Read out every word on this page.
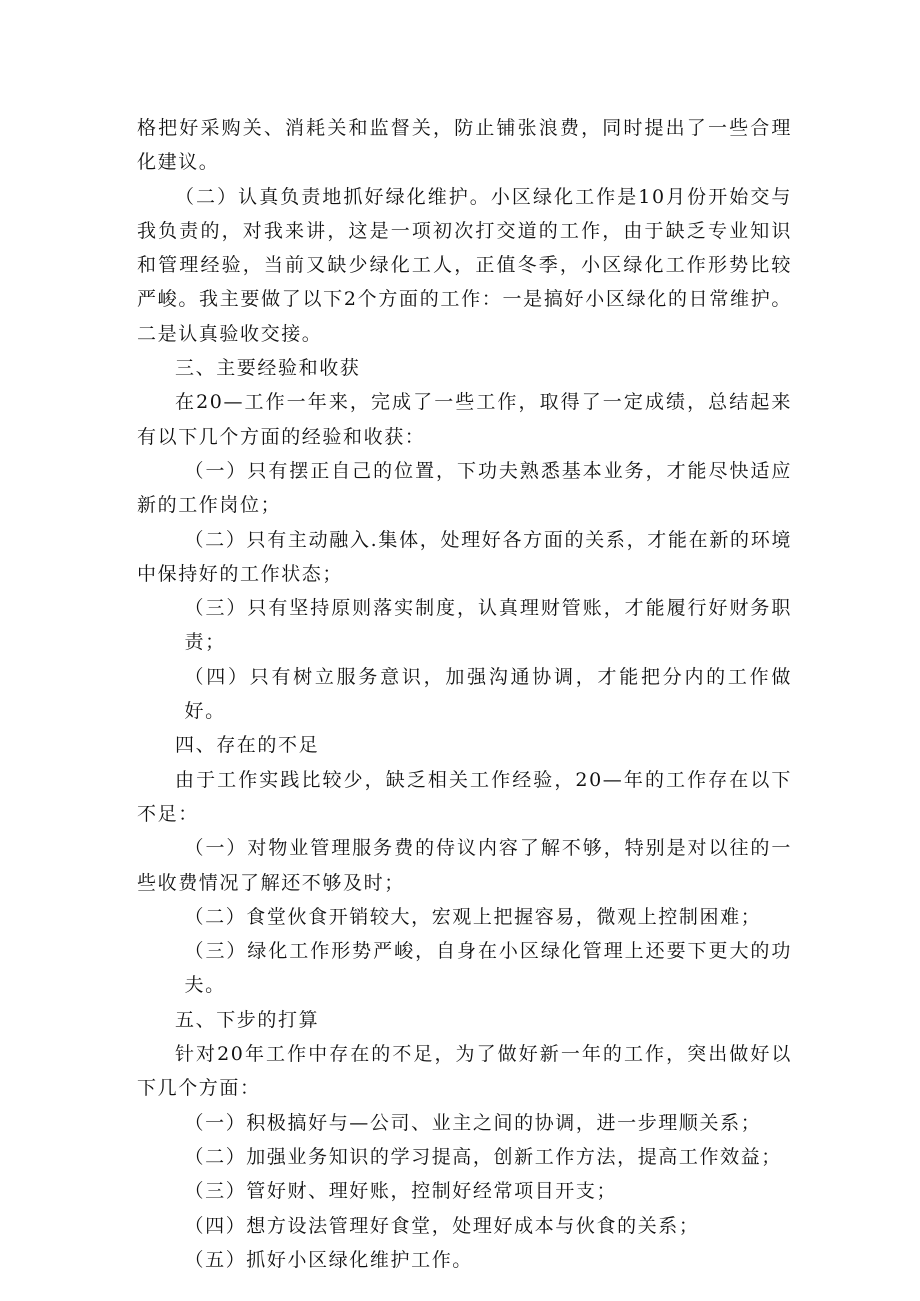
格把好采购关、消耗关和监督关，防止铺张浪费，同时提出了一些合理化建议。

（二）认真负责地抓好绿化维护。小区绿化工作是10月份开始交与我负责的，对我来讲，这是一项初次打交道的工作，由于缺乏专业知识和管理经验，当前又缺少绿化工人，正值冬季，小区绿化工作形势比较严峻。我主要做了以下2个方面的工作：一是搞好小区绿化的日常维护。二是认真验收交接。

三、主要经验和收获

在20—工作一年来，完成了一些工作，取得了一定成绩，总结起来有以下几个方面的经验和收获：

（一）只有摆正自己的位置，下功夫熟悉基本业务，才能尽快适应新的工作岗位；

（二）只有主动融入.集体，处理好各方面的关系，才能在新的环境中保持好的工作状态；

（三）只有坚持原则落实制度，认真理财管账，才能履行好财务职责；

（四）只有树立服务意识，加强沟通协调，才能把分内的工作做好。

四、存在的不足

由于工作实践比较少，缺乏相关工作经验，20—年的工作存在以下不足：

（一）对物业管理服务费的侍议内容了解不够，特别是对以往的一些收费情况了解还不够及时；

（二）食堂伙食开销较大，宏观上把握容易，微观上控制困难；

（三）绿化工作形势严峻，自身在小区绿化管理上还要下更大的功夫。

五、下步的打算

针对20年工作中存在的不足，为了做好新一年的工作，突出做好以下几个方面：

（一）积极搞好与—公司、业主之间的协调，进一步理顺关系；

（二）加强业务知识的学习提高，创新工作方法，提高工作效益；

（三）管好财、理好账，控制好经常项目开支；

（四）想方设法管理好食堂，处理好成本与伙食的关系；

（五）抓好小区绿化维护工作。
